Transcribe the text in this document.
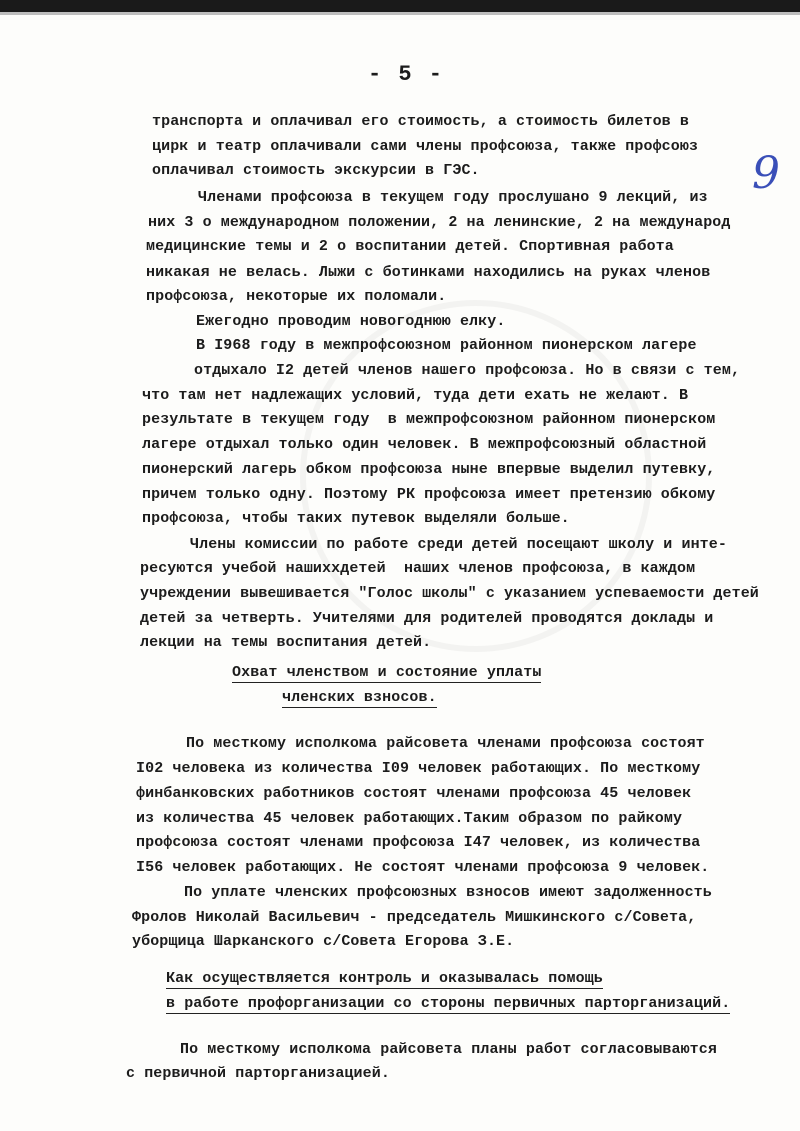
- 5 -
9
транспорта и оплачивал его стоимость, а стоимость билетов в
цирк и театр оплачивали сами члены профсоюза, также профсоюз
оплачивал стоимость экскурсии в ГЭС.
Членами профсоюза в текущем году прослушано 9 лекций, из
них 3 о международном положении, 2 на ленинские, 2 на международ
медицинские темы и 2 о воспитании детей. Спортивная работа
никакая не велась. Лыжи с ботинками находились на руках членов
профсоюза, некоторые их поломали.
Ежегодно проводим новогоднюю елку.
В I968 году в межпрофсоюзном районном пионерском лагере
отдыхало I2 детей членов нашего профсоюза. Но в связи с тем,
что там нет надлежащих условий, туда дети ехать не желают. В
результате в текущем году  в межпрофсоюзном районном пионерском
лагере отдыхал только один человек. В межпрофсоюзный областной
пионерский лагерь обком профсоюза ныне впервые выделил путевку,
причем только одну. Поэтому РК профсоюза имеет претензию обкому
профсоюза, чтобы таких путевок выделяли больше.
Члены комиссии по работе среди детей посещают школу и инте-
ресуются учебой нашихxдетей  наших членов профсоюза, в каждом
учреждении вывешивается "Голос школы" с указанием успеваемости детей
детей за четверть. Учителями для родителей проводятся доклады и
лекции на темы воспитания детей.
Охват членством и состояние уплаты
членских взносов.
По месткому исполкома райсовета членами профсоюза состоят
I02 человека из количества I09 человек работающих. По месткому
финбанковских работников состоят членами профсоюза 45 человек
из количества 45 человек работающих.Таким образом по райкому
профсоюза состоят членами профсоюза I47 человек, из количества
I56 человек работающих. Не состоят членами профсоюза 9 человек.
По уплате членских профсоюзных взносов имеют задолженность
Фролов Николай Васильевич - председатель Мишкинского с/Совета,
уборщица Шарканского с/Совета Егорова З.Е.
Как осуществляется контроль и оказывалась помощь
в работе профорганизации со стороны первичных парторганизаций.
По месткому исполкома райсовета планы работ согласовываются
с первичной парторганизацией.
